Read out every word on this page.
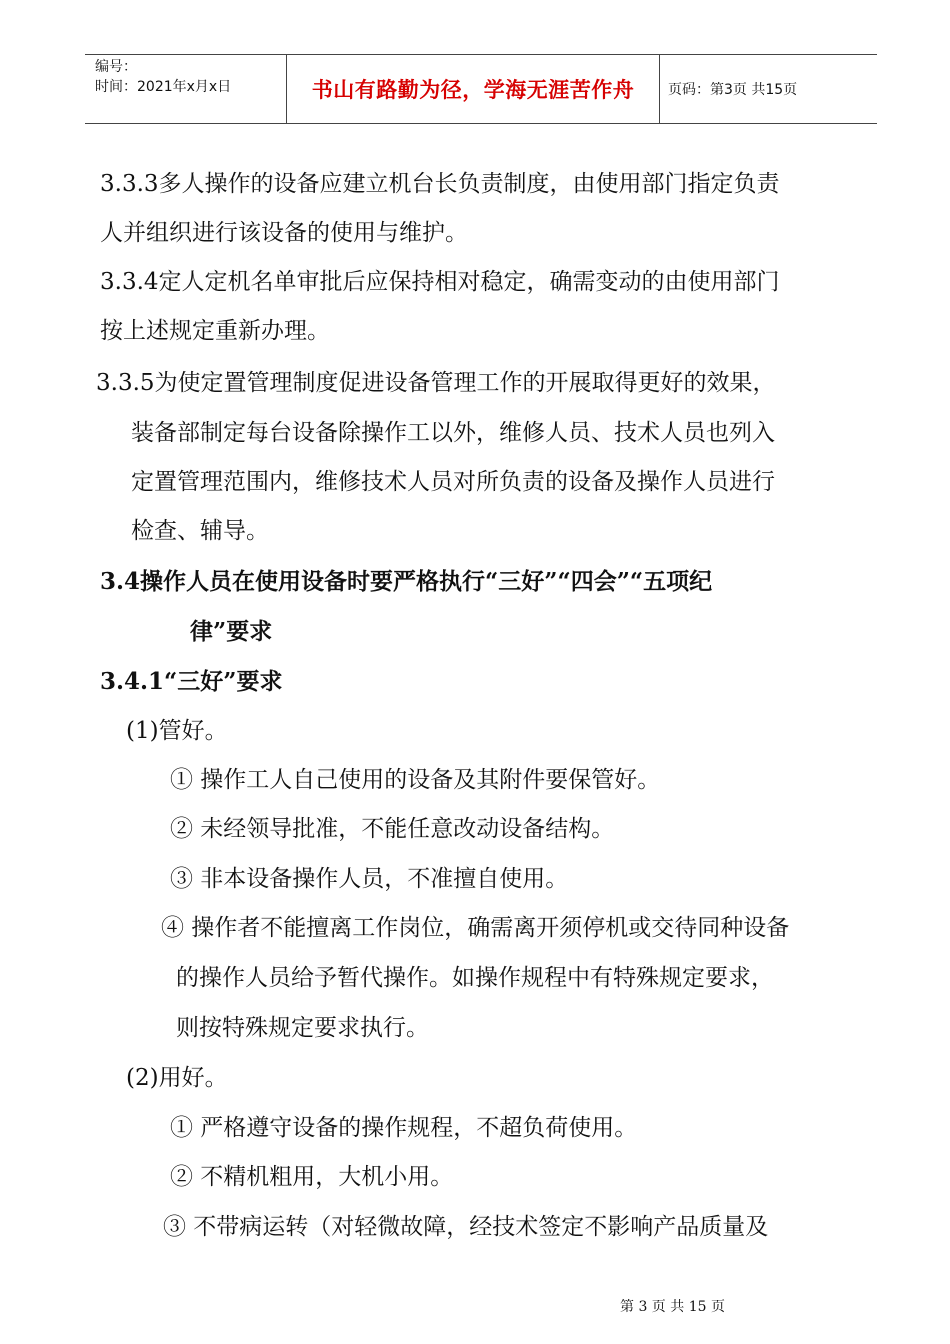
编号：
时间：2021年x月x日	书山有路勤为径，学海无涯苦作舟	页码：第3页 共15页
3.3.3多人操作的设备应建立机台长负责制度，由使用部门指定负责
人并组织进行该设备的使用与维护。
3.3.4定人定机名单审批后应保持相对稳定，确需变动的由使用部门
按上述规定重新办理。
3.3.5为使定置管理制度促进设备管理工作的开展取得更好的效果，
装备部制定每台设备除操作工以外，维修人员、技术人员也列入
定置管理范围内，维修技术人员对所负责的设备及操作人员进行
检查、辅导。
3.4操作人员在使用设备时要严格执行“三好”“四会”“五项纪
律”要求
3.4.1“三好”要求
(1)管好。
① 操作工人自己使用的设备及其附件要保管好。
② 未经领导批准，不能任意改动设备结构。
③ 非本设备操作人员，不准擅自使用。
④ 操作者不能擅离工作岗位，确需离开须停机或交待同种设备
的操作人员给予暂代操作。如操作规程中有特殊规定要求，
则按特殊规定要求执行。
(2)用好。
① 严格遵守设备的操作规程，不超负荷使用。
② 不精机粗用，大机小用。
③ 不带病运转（对轻微故障，经技术签定不影响产品质量及
第 3 页 共 15 页
